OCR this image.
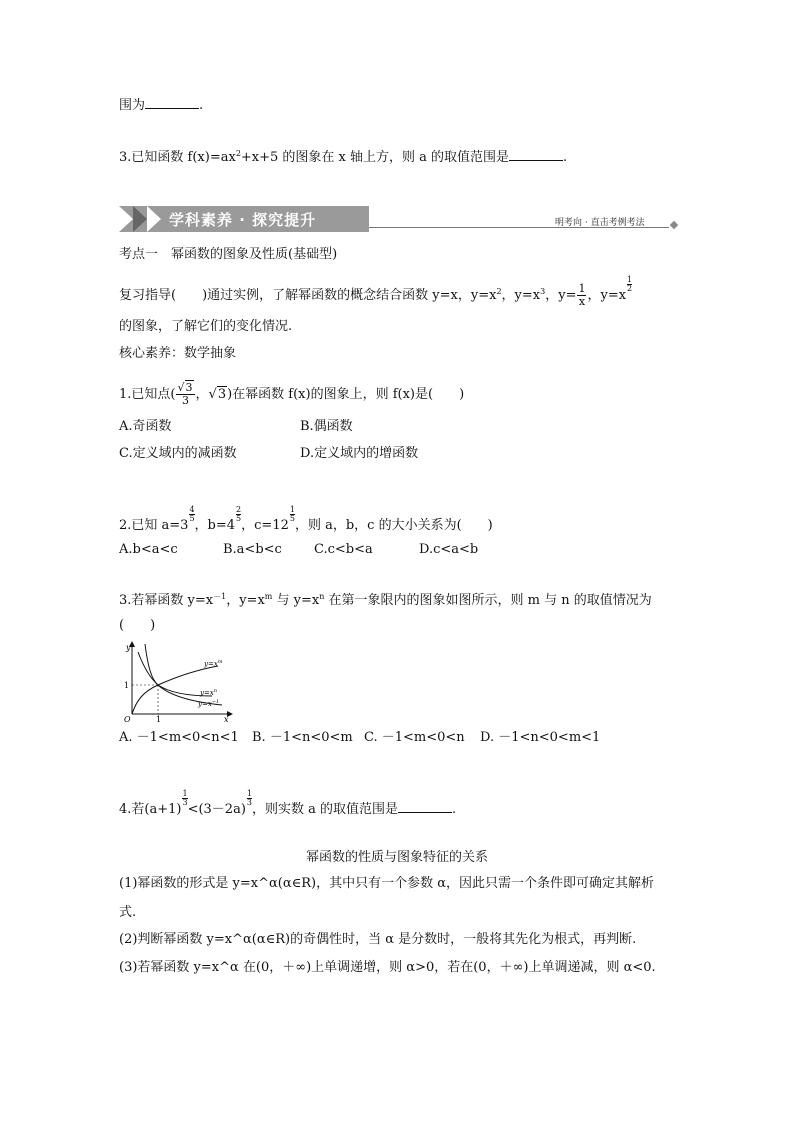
围为	.
3.已知函数 $f(x)=ax^2+x+5$ 的图象在 x 轴上方，则 a 的取值范围是	.
学科素养 · 探究提升	明考向 · 直击考例考法
考点一　幂函数的图象及性质(基础型)
复习指导(　　)通过实例，了解幂函数的概念结合函数 y=x，$y=x^2$，$y=x^3$，$y= \frac{1}{x}$ ，y=x
$\frac{1}{2}$
的图象，了解它们的变化情况.
核心素养：数学抽象
1.已知点( $\frac{√3}{3}$ ，√3)在幂函数 f(x)的图象上，则 f(x)是(　　)
A.奇函数	B.偶函数
C.定义域内的减函数	D.定义域内的增函数
2.已知 a=3
$\frac{4}{5}$
，b=4
$\frac{2}{5}$
，c=12
$\frac{1}{5}$
，则 a，b，c 的大小关系为(　　)
A.b<a<c	B.a<b<c C.c<b<a	D.c<a<b
3.若幂函数 $y=x^{-1}$，$y=x^m$ 与 $y=x^n$ 在第一象限内的图象如图所示，则 m 与 n 的取值情况为
(　　)
y
x
O	1
1
$y=x^m$
$y=x^n$
$y=x^{-1}$
A. －1<m<0<n<1 B. －1<n<0<m C. －1<m<0<n D. －1<n<0<m<1
4.若(a+1)
$\frac{1}{3}$
<(3－2a)
$\frac{1}{3}$
，则实数 a 的取值范围是	.
幂函数的性质与图象特征的关系
(1)幂函数的形式是 y=x^α(α∈R)，其中只有一个参数 α，因此只需一个条件即可确定其解析
式.
(2)判断幂函数 y=x^α(α∈R)的奇偶性时，当 α 是分数时，一般将其先化为根式，再判断.
(3)若幂函数 y=x^α 在(0，＋∞)上单调递增，则 α>0，若在(0，＋∞)上单调递减，则 α<0.
